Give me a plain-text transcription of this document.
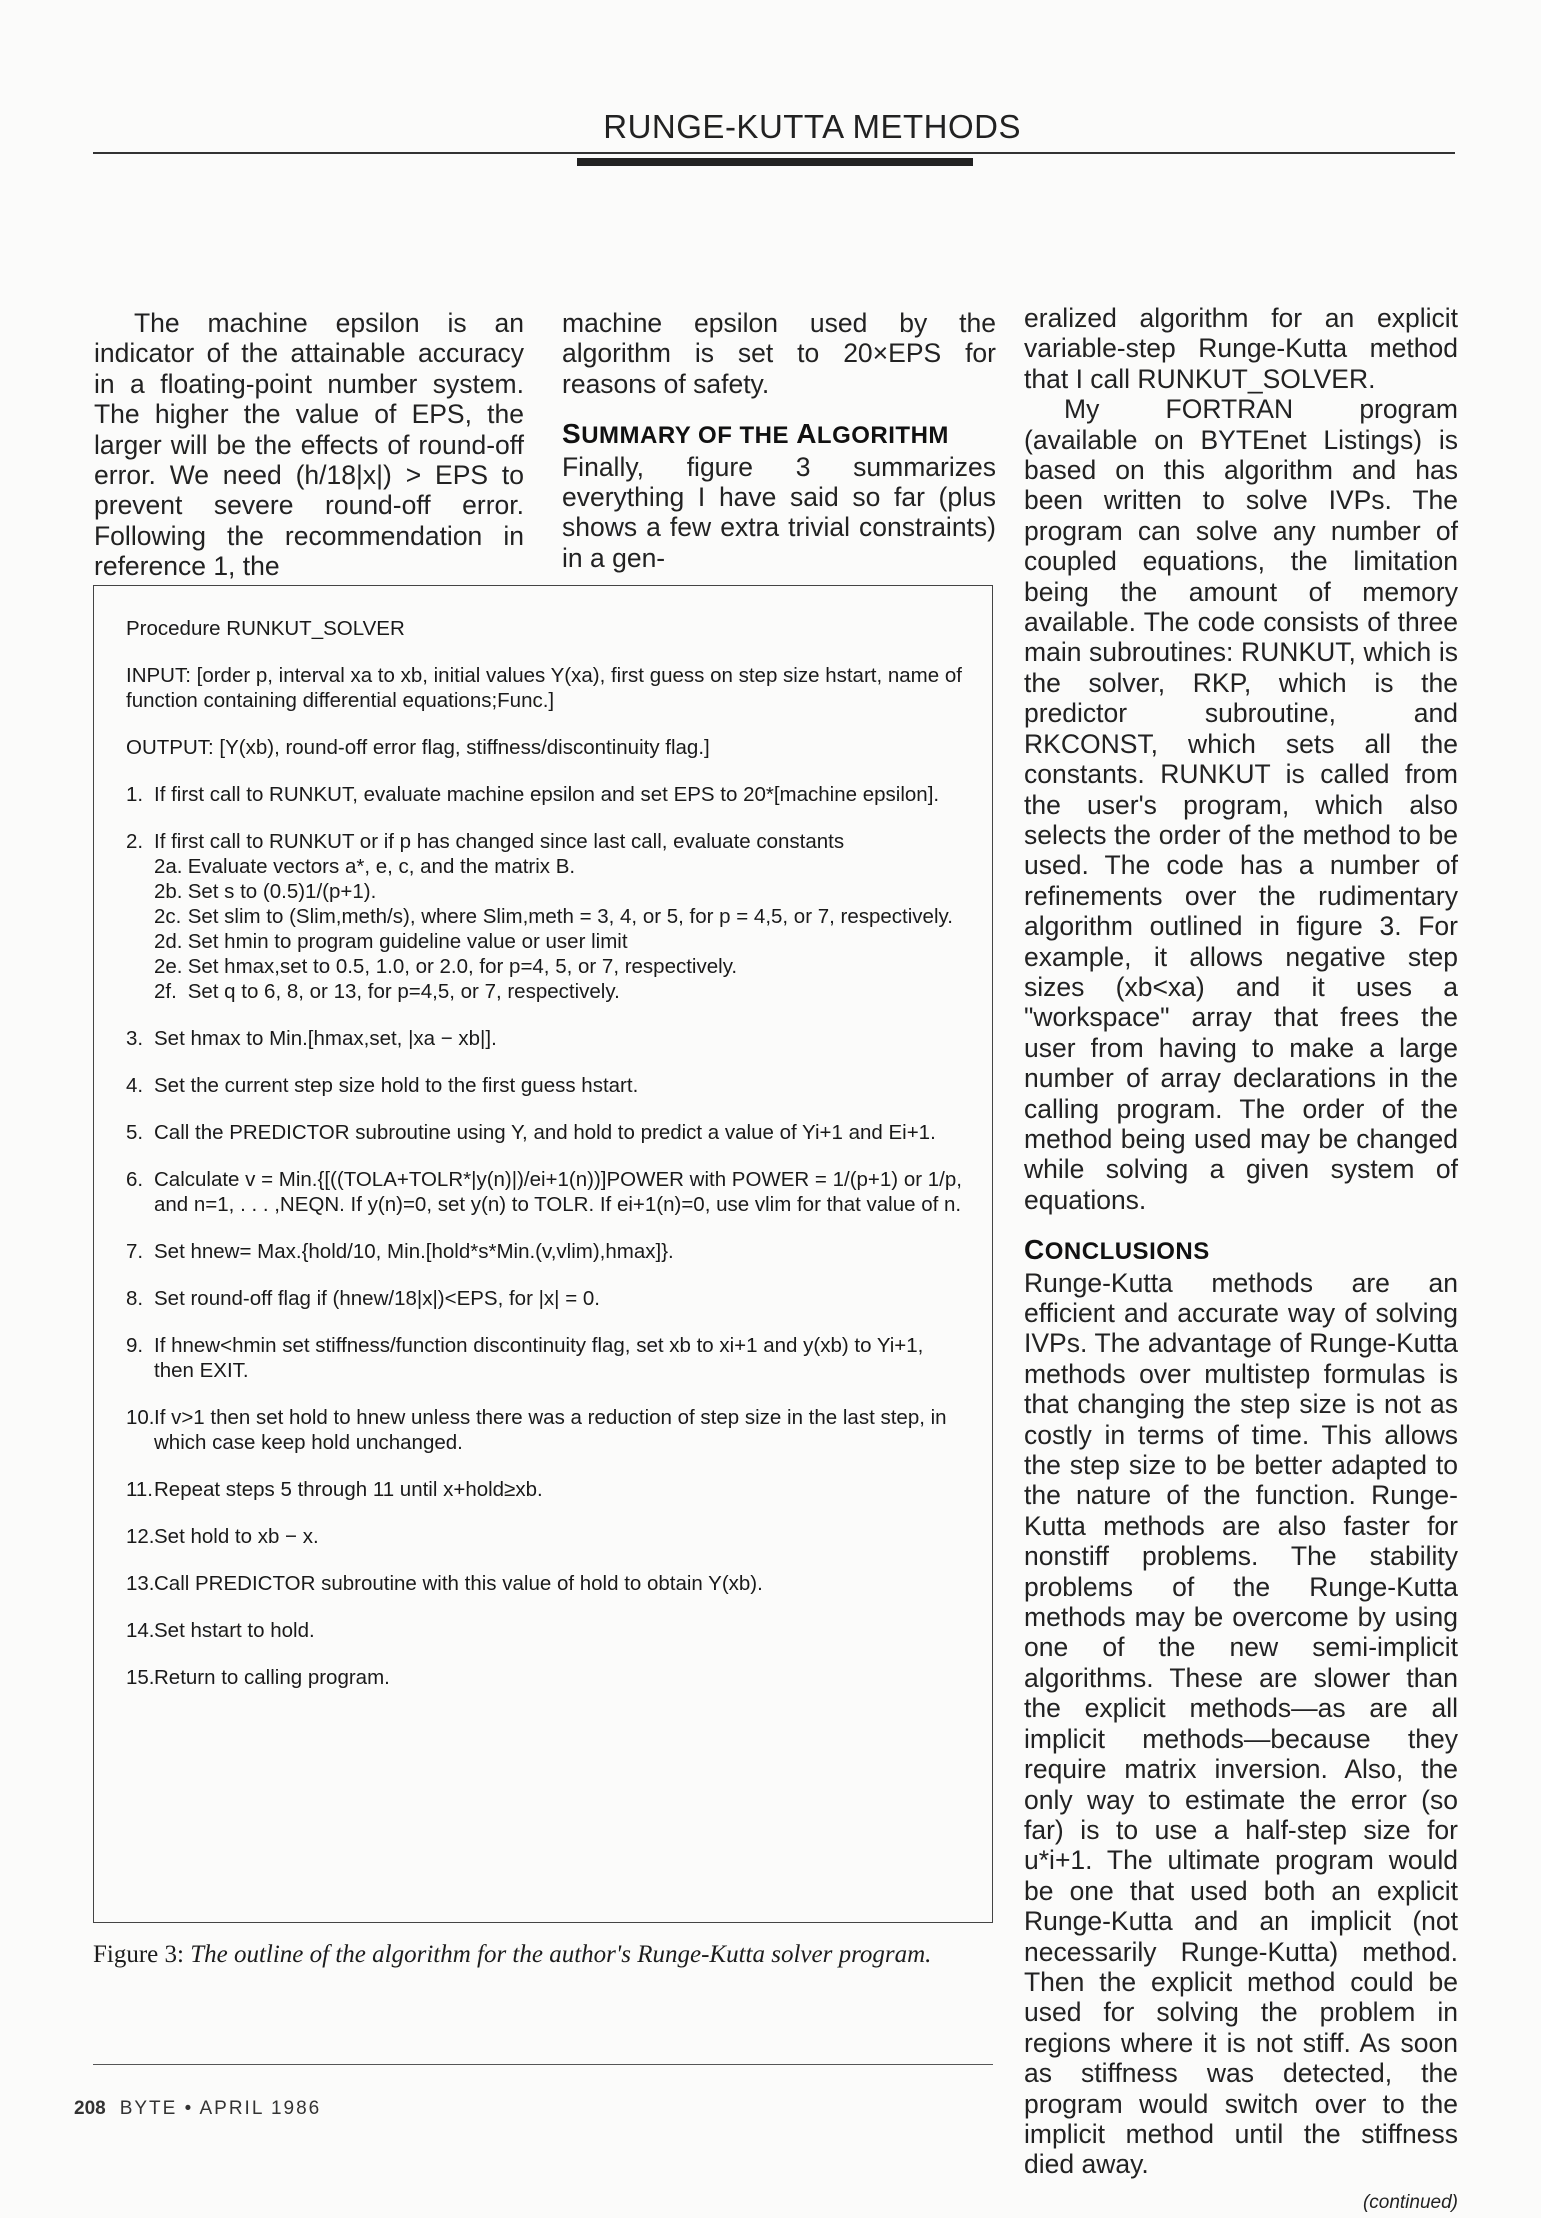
RUNGE-KUTTA METHODS

The machine epsilon is an indicator of the attainable accuracy in a floating-point number system. The higher the value of EPS, the larger will be the effects of round-off error. We need (h/18|x|) > EPS to prevent severe round-off error. Following the recommendation in reference 1, the

machine epsilon used by the algorithm is set to 20×EPS for reasons of safety.

SUMMARY OF THE ALGORITHM

Finally, figure 3 summarizes everything I have said so far (plus shows a few extra trivial constraints) in a gen-

eralized algorithm for an explicit variable-step Runge-Kutta method that I call RUNKUT_SOLVER.

My FORTRAN program (available on BYTEnet Listings) is based on this algorithm and has been written to solve IVPs. The program can solve any number of coupled equations, the limitation being the amount of memory available. The code consists of three main subroutines: RUNKUT, which is the solver, RKP, which is the predictor subroutine, and RKCONST, which sets all the constants. RUNKUT is called from the user's program, which also selects the order of the method to be used. The code has a number of refinements over the rudimentary algorithm outlined in figure 3. For example, it allows negative step sizes (xb<xa) and it uses a "workspace" array that frees the user from having to make a large number of array declarations in the calling program. The order of the method being used may be changed while solving a given system of equations.

CONCLUSIONS

Runge-Kutta methods are an efficient and accurate way of solving IVPs. The advantage of Runge-Kutta methods over multistep formulas is that changing the step size is not as costly in terms of time. This allows the step size to be better adapted to the nature of the function. Runge-Kutta methods are also faster for nonstiff problems. The stability problems of the Runge-Kutta methods may be overcome by using one of the new semi-implicit algorithms. These are slower than the explicit methods—as are all implicit methods—because they require matrix inversion. Also, the only way to estimate the error (so far) is to use a half-step size for u*i+1. The ultimate program would be one that used both an explicit Runge-Kutta and an implicit (not necessarily Runge-Kutta) method. Then the explicit method could be used for solving the problem in regions where it is not stiff. As soon as stiffness was detected, the program would switch over to the implicit method until the stiffness died away.

(continued)

Procedure RUNKUT_SOLVER

INPUT: [order p, interval xa to xb, initial values Y(xa), first guess on step size hstart, name of function containing differential equations;Func.]

OUTPUT: [Y(xb), round-off error flag, stiffness/discontinuity flag.]

1. If first call to RUNKUT, evaluate machine epsilon and set EPS to 20*[machine epsilon].

2. If first call to RUNKUT or if p has changed since last call, evaluate constants

2a. Evaluate vectors a*, e, c, and the matrix B.

2b. Set s to (0.5)1/(p+1).

2c. Set slim to (Slim,meth/s), where Slim,meth = 3, 4, or 5, for p = 4,5, or 7, respectively.

2d. Set hmin to program guideline value or user limit

2e. Set hmax,set to 0.5, 1.0, or 2.0, for p=4, 5, or 7, respectively.

2f. Set q to 6, 8, or 13, for p=4,5, or 7, respectively.

3. Set hmax to Min.[hmax,set, |xa − xb|].

4. Set the current step size hold to the first guess hstart.

5. Call the PREDICTOR subroutine using Y, and hold to predict a value of Yi+1 and Ei+1.

6. Calculate v = Min.{[((TOLA+TOLR*|y(n)|)/ei+1(n))]POWER with POWER = 1/(p+1) or 1/p, and n=1, . . . ,NEQN. If y(n)=0, set y(n) to TOLR. If ei+1(n)=0, use vlim for that value of n.

7. Set hnew= Max.{hold/10, Min.[hold*s*Min.(v,vlim),hmax]}.

8. Set round-off flag if (hnew/18|x|)<EPS, for |x| = 0.

9. If hnew<hmin set stiffness/function discontinuity flag, set xb to xi+1 and y(xb) to Yi+1, then EXIT.

10.If v>1 then set hold to hnew unless there was a reduction of step size in the last step, in which case keep hold unchanged.

11.Repeat steps 5 through 11 until x+hold≥xb.

12.Set hold to xb − x.

13.Call PREDICTOR subroutine with this value of hold to obtain Y(xb).

14.Set hstart to hold.

15.Return to calling program.

Figure 3: The outline of the algorithm for the author's Runge-Kutta solver program.
208 BYTE • APRIL 1986
